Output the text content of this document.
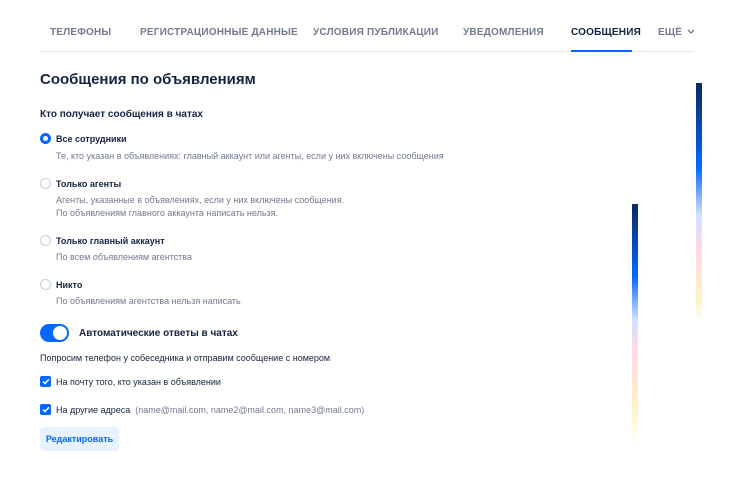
ТЕЛЕФОНЫ	РЕГИСТРАЦИОННЫЕ ДАННЫЕ УСЛОВИЯ ПУБЛИКАЦИИ УВЕДОМЛЕНИЯ	СООБЩЕНИЯ ЕЩЁ
Сообщения по объявлениям
Кто получает сообщения в чатах
Все сотрудники
Те, кто указан в объявлениях: главный аккаунт или агенты, если у них включены сообщения
Только агенты
Агенты, указанные в объявлениях, если у них включены сообщения.
По объявлениям главного аккаунта написать нельзя.
Только главный аккаунт
По всем объявлениям агентства
Никто
По объявлениям агентства нельзя написать
Автоматические ответы в чатах
Попросим телефон у собеседника и отправим сообщение с номером
На почту того, кто указан в объявлении
На другие адреса (name@mail.com, name2@mail.com, name3@mail.com)
Редактировать
